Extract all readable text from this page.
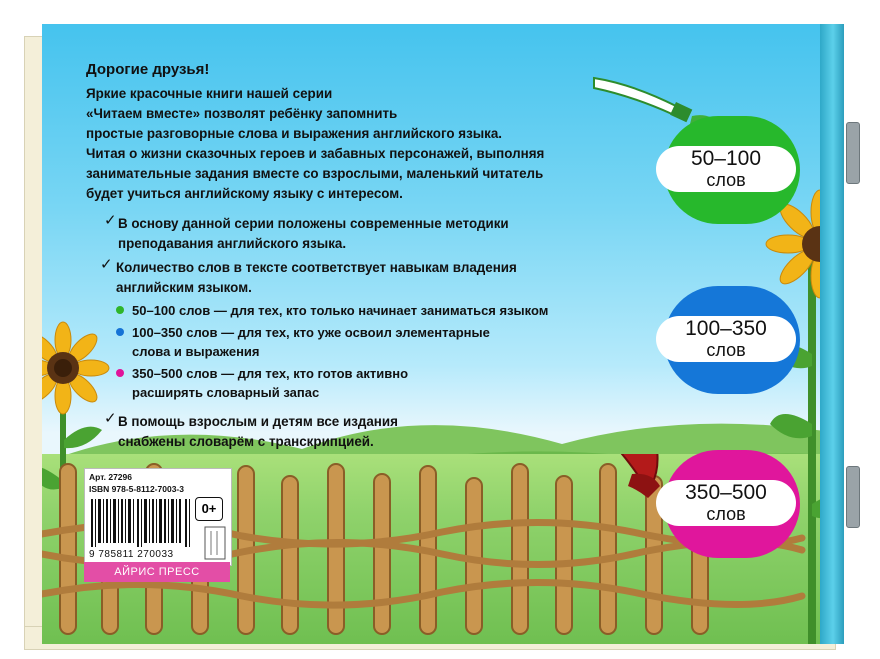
Дорогие друзья!
Яркие красочные книги нашей серии
«Читаем вместе» позволят ребёнку запомнить
простые разговорные слова и выражения английского языка.
Читая о жизни сказочных героев и забавных персонажей, выполняя
занимательные задания вместе со взрослыми, маленький читатель
будет учиться английскому языку с интересом.
✓ В основу данной серии положены современные методики
преподавания английского языка.
✓ Количество слов в тексте соответствует навыкам владения
английским языком.
50–100 слов — для тех, кто только начинает заниматься языком
100–350 слов — для тех, кто уже освоил элементарные
слова и выражения
350–500 слов — для тех, кто готов активно
расширять словарный запас
✓ В помощь взрослым и детям все издания
снабжены словарём с транскрипцией.
50–100
слов
100–350
слов
350–500
слов
Арт. 27296
ISBN 978-5-8112-7003-3
0+
9 785811 270033
АЙРИС ПРЕСС
